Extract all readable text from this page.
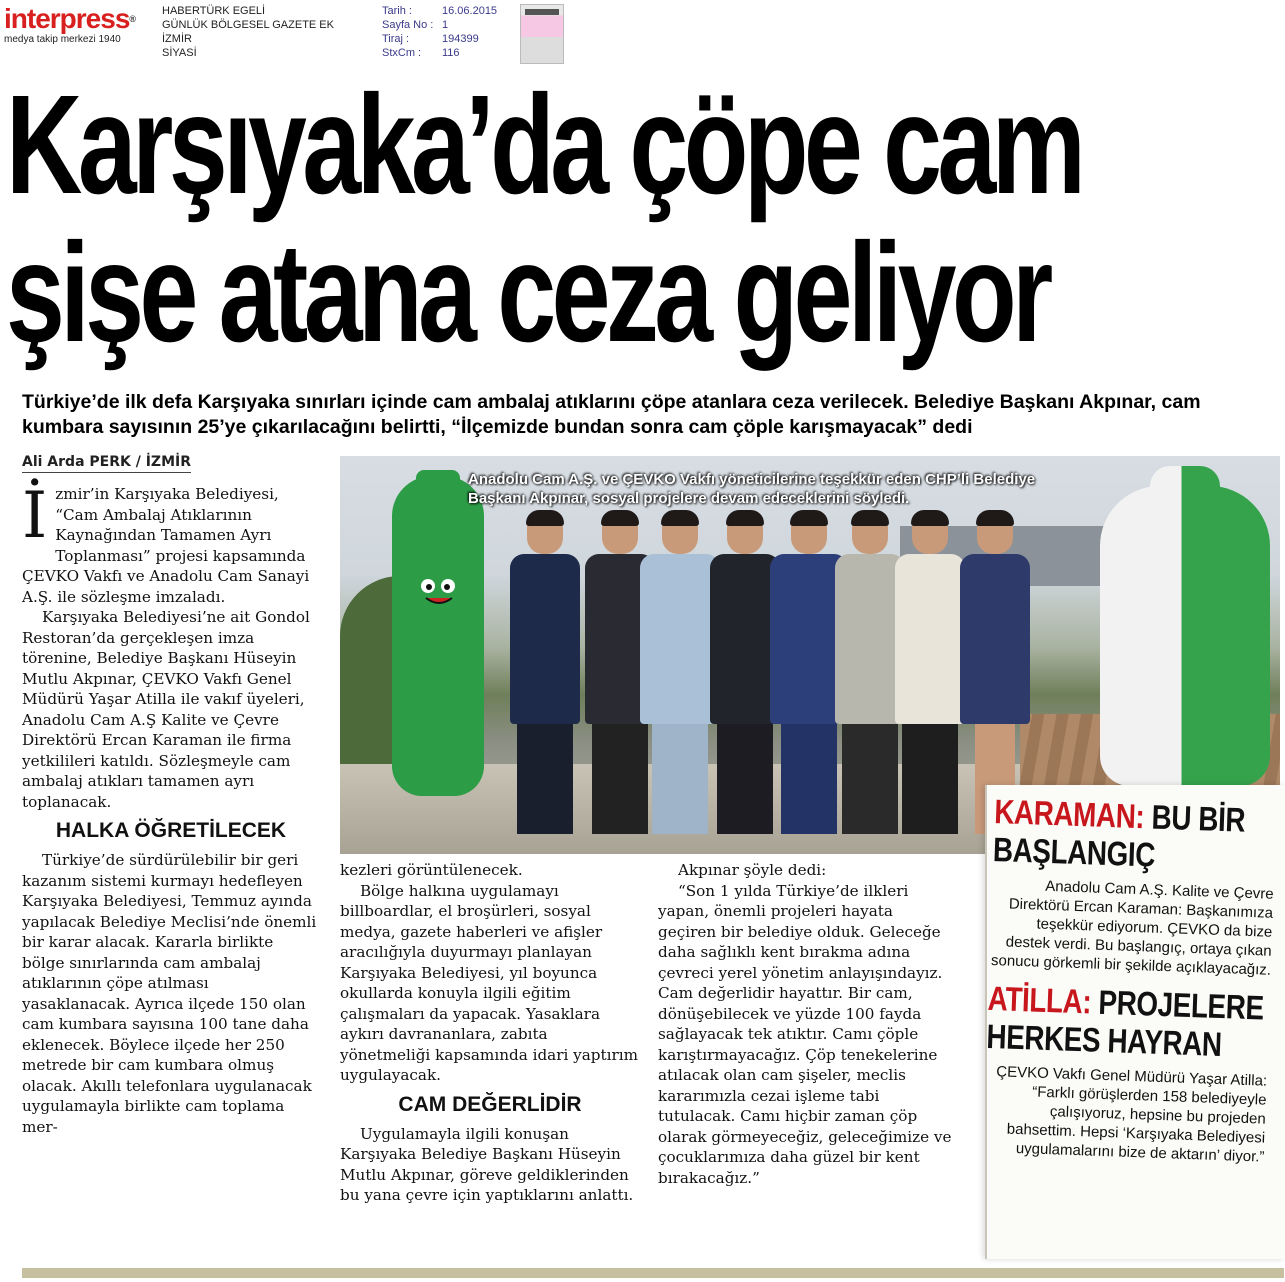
interpress®
medya takip merkezi 1940
HABERTÜRK EGELİ
GÜNLÜK BÖLGESEL GAZETE EK
İZMİR
SİYASİ
Tarih :	16.06.2015
Sayfa No : 1
Tiraj :	194399
StxCm :	116
Karşıyaka’da çöpe cam
şişe atana ceza geliyor
Türkiye’de ilk defa Karşıyaka sınırları içinde cam ambalaj atıklarını çöpe atanlara ceza verilecek. Belediye Başkanı Akpınar, cam kumbara sayısının 25’ye çıkarılacağını belirtti, “İlçemizde bundan sonra cam çöple karışmayacak” dedi
Ali Arda PERK / İZMİR

İzmir’in Karşıyaka Belediyesi, “Cam Ambalaj Atıklarının Kaynağından Tamamen Ayrı Toplanması” projesi kapsamında ÇEVKO Vakfı ve Anadolu Cam Sanayi A.Ş. ile sözleşme imzaladı.

Karşıyaka Belediyesi’ne ait Gondol Restoran’da gerçekleşen imza törenine, Belediye Başkanı Hüseyin Mutlu Akpınar, ÇEVKO Vakfı Genel Müdürü Yaşar Atilla ile vakıf üyeleri, Anadolu Cam A.Ş Kalite ve Çevre Direktörü Ercan Karaman ile firma yetkilileri katıldı. Sözleşmeyle cam ambalaj atıkları tamamen ayrı toplanacak.

HALKA ÖĞRETİLECEK

Türkiye’de sürdürülebilir bir geri kazanım sistemi kurmayı hedefleyen Karşıyaka Belediyesi, Temmuz ayında yapılacak Belediye Meclisi’nde önemli bir karar alacak. Kararla birlikte bölge sınırlarında cam ambalaj atıklarının çöpe atılması yasaklanacak. Ayrıca ilçede 150 olan cam kumbara sayısına 100 tane daha eklenecek. Böylece ilçede her 250 metrede bir cam kumbara olmuş olacak. Akıllı telefonlara uygulanacak uygulamayla birlikte cam toplama mer-

Anadolu Cam A.Ş. ve ÇEVKO Vakfı yöneticilerine teşekkür eden CHP’li Belediye Başkanı Akpınar, sosyal projelere devam edeceklerini söyledi.

kezleri görüntülenecek.

Bölge halkına uygulamayı billboardlar, el broşürleri, sosyal medya, gazete haberleri ve afişler aracılığıyla duyurmayı planlayan Karşıyaka Belediyesi, yıl boyunca okullarda konuyla ilgili eğitim çalışmaları da yapacak. Yasaklara aykırı davrananlara, zabıta yönetmeliği kapsamında idari yaptırım uygulayacak.

CAM DEĞERLİDİR

Uygulamayla ilgili konuşan Karşıyaka Belediye Başkanı Hüseyin Mutlu Akpınar, göreve geldiklerinden bu yana çevre için yaptıklarını anlattı.

Akpınar şöyle dedi:

“Son 1 yılda Türkiye’de ilkleri yapan, önemli projeleri hayata geçiren bir belediye olduk. Geleceğe daha sağlıklı kent bırakma adına çevreci yerel yönetim anlayışındayız. Cam değerlidir hayattır. Bir cam, dönüşebilecek ve yüzde 100 fayda sağlayacak tek atıktır. Camı çöple karıştırmayacağız. Çöp tenekelerine atılacak olan cam şişeler, meclis kararımızla cezai işleme tabi tutulacak. Camı hiçbir zaman çöp olarak görmeyeceğiz, geleceğimize ve çocuklarımıza daha güzel bir kent bırakacağız.”

KARAMAN: BU BİR BAŞLANGIÇ
Anadolu Cam A.Ş. Kalite ve Çevre Direktörü Ercan Karaman: Başkanımıza teşekkür ediyorum. ÇEVKO da bize destek verdi. Bu başlangıç, ortaya çıkan sonucu görkemli bir şekilde açıklayacağız.
ATİLLA: PROJELERE HERKES HAYRAN
ÇEVKO Vakfı Genel Müdürü Yaşar Atilla: “Farklı görüşlerden 158 belediyeyle çalışıyoruz, hepsine bu projeden bahsettim. Hepsi ‘Karşıyaka Belediyesi uygulamalarını bize de aktarın’ diyor.”
